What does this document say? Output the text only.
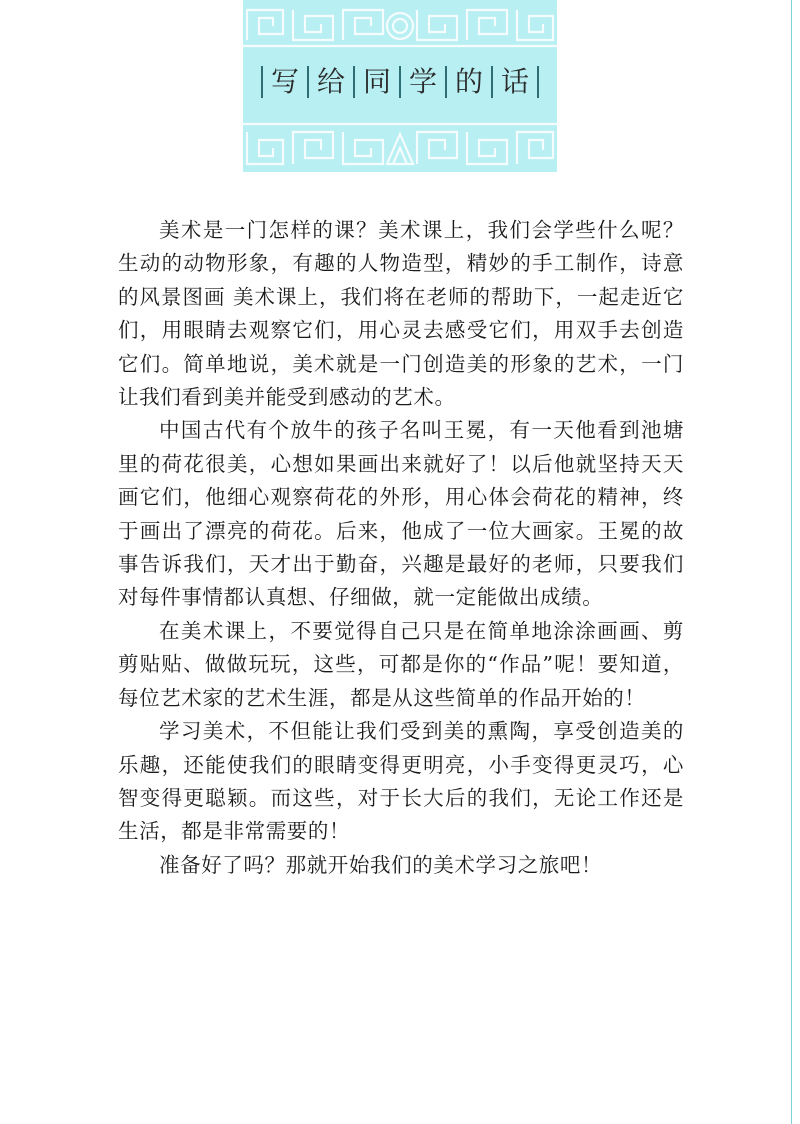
写 给 同 学 的 话

美术是一门怎样的课？美术课上，我们会学些什么呢？生动的动物形象，有趣的人物造型，精妙的手工制作，诗意的风景图画 美术课上，我们将在老师的帮助下，一起走近它们，用眼睛去观察它们，用心灵去感受它们，用双手去创造它们。简单地说，美术就是一门创造美的形象的艺术，一门让我们看到美并能受到感动的艺术。

中国古代有个放牛的孩子名叫王冕，有一天他看到池塘里的荷花很美，心想如果画出来就好了！以后他就坚持天天画它们，他细心观察荷花的外形，用心体会荷花的精神，终于画出了漂亮的荷花。后来，他成了一位大画家。王冕的故事告诉我们，天才出于勤奋，兴趣是最好的老师，只要我们对每件事情都认真想、仔细做，就一定能做出成绩。

在美术课上，不要觉得自己只是在简单地涂涂画画、剪剪贴贴、做做玩玩，这些，可都是你的“作品”呢！要知道，每位艺术家的艺术生涯，都是从这些简单的作品开始的！

学习美术，不但能让我们受到美的熏陶，享受创造美的乐趣，还能使我们的眼睛变得更明亮，小手变得更灵巧，心智变得更聪颖。而这些，对于长大后的我们，无论工作还是生活，都是非常需要的！

准备好了吗？那就开始我们的美术学习之旅吧！
